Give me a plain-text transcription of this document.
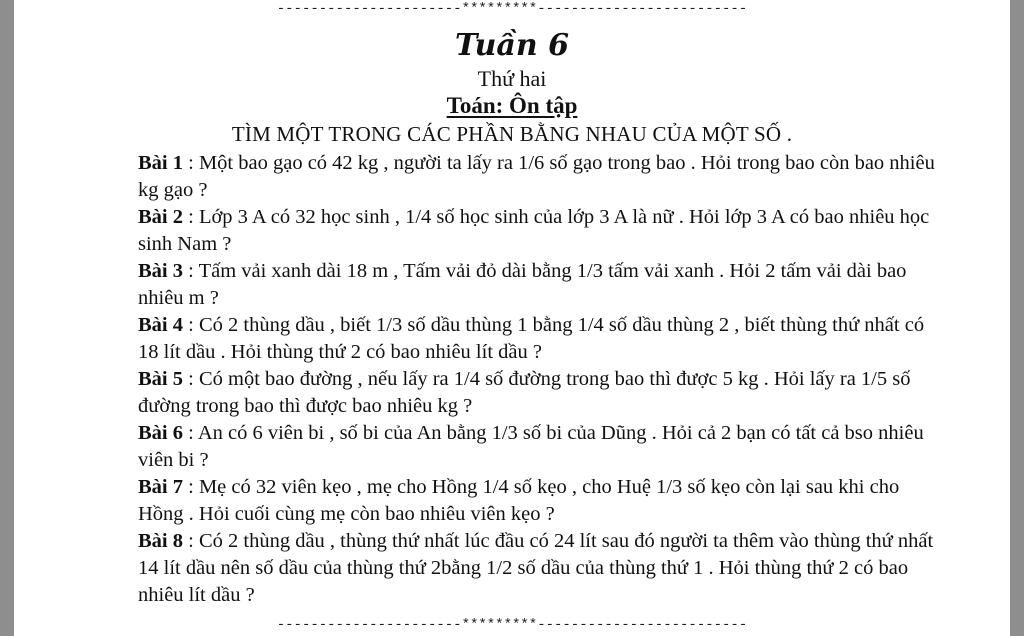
----------------------*********-------------------------
Tuần 6
Thứ hai
Toán: Ôn tập
TÌM MỘT TRONG CÁC PHẦN BẰNG NHAU CỦA MỘT SỐ .

Bài 1 : Một bao gạo có 42 kg , người ta lấy ra 1/6 số gạo trong bao . Hỏi trong bao còn bao nhiêu kg gạo ?

Bài 2 : Lớp 3 A có 32 học sinh , 1/4 số học sinh của lớp 3 A là nữ . Hỏi lớp 3 A có bao nhiêu học sinh Nam ?

Bài 3 : Tấm vải xanh dài 18 m , Tấm vải đỏ dài bằng 1/3 tấm vải xanh . Hỏi 2 tấm vải dài bao nhiêu m ?

Bài 4 : Có 2 thùng dầu , biết 1/3 số dầu thùng 1 bằng 1/4 số dầu thùng 2 , biết thùng thứ nhất có 18 lít dầu . Hỏi thùng thứ 2 có bao nhiêu lít dầu ?

Bài 5 : Có một bao đường , nếu lấy ra 1/4 số đường trong bao thì được 5 kg . Hỏi lấy ra 1/5 số đường trong bao thì được bao nhiêu kg ?

Bài 6 : An có 6 viên bi , số bi của An bằng 1/3 số bi của Dũng . Hỏi cả 2 bạn có tất cả bso nhiêu viên bi ?

Bài 7 : Mẹ có 32 viên kẹo , mẹ cho Hồng 1/4 số kẹo , cho Huệ 1/3 số kẹo còn lại sau khi cho Hồng . Hỏi cuối cùng mẹ còn bao nhiêu viên kẹo ?

Bài 8 : Có 2 thùng dầu , thùng thứ nhất lúc đầu có 24 lít sau đó người ta thêm vào thùng thứ nhất 14 lít dầu nên số dầu của thùng thứ 2bằng 1/2 số dầu của thùng thứ 1 . Hỏi thùng thứ 2 có bao nhiêu lít dầu ?

----------------------*********-------------------------
